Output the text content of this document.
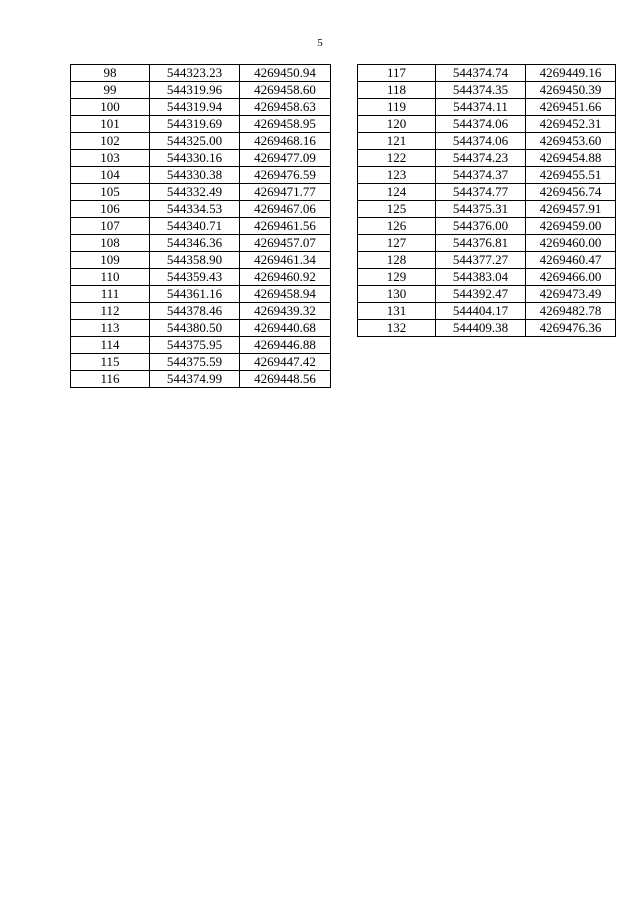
5
98	544323.23	4269450.94
99	544319.96	4269458.60
100	544319.94	4269458.63
101	544319.69	4269458.95
102	544325.00	4269468.16
103	544330.16	4269477.09
104	544330.38	4269476.59
105	544332.49	4269471.77
106	544334.53	4269467.06
107	544340.71	4269461.56
108	544346.36	4269457.07
109	544358.90	4269461.34
110	544359.43	4269460.92
111	544361.16	4269458.94
112	544378.46	4269439.32
113	544380.50	4269440.68
114	544375.95	4269446.88
115	544375.59	4269447.42
116	544374.99	4269448.56
117	544374.74	4269449.16
118	544374.35	4269450.39
119	544374.11	4269451.66
120	544374.06	4269452.31
121	544374.06	4269453.60
122	544374.23	4269454.88
123	544374.37	4269455.51
124	544374.77	4269456.74
125	544375.31	4269457.91
126	544376.00	4269459.00
127	544376.81	4269460.00
128	544377.27	4269460.47
129	544383.04	4269466.00
130	544392.47	4269473.49
131	544404.17	4269482.78
132	544409.38	4269476.36
